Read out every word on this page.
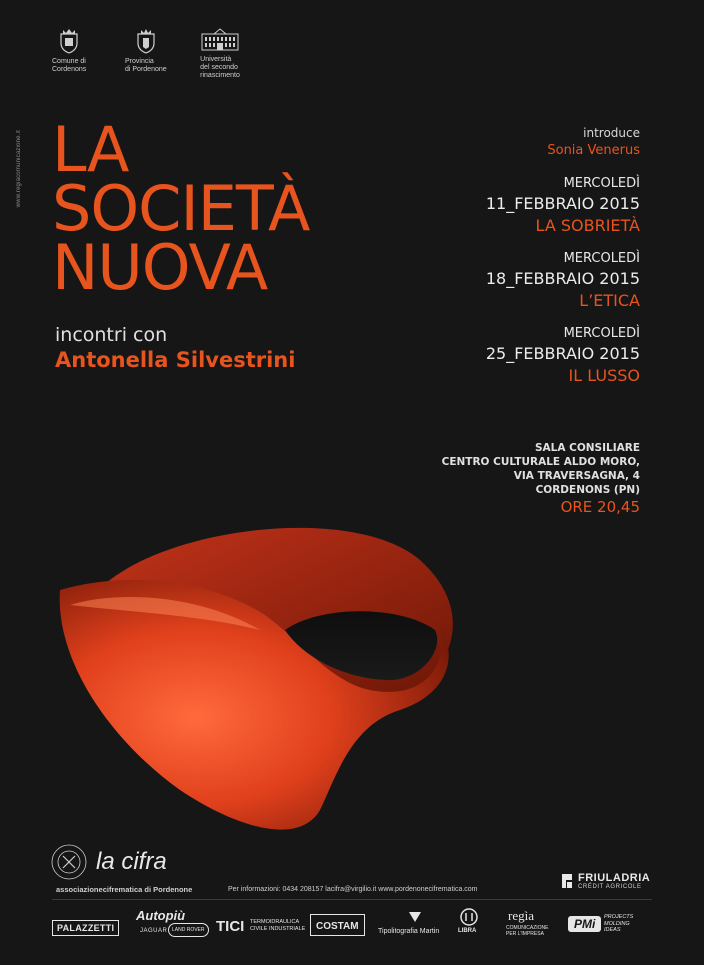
Comune di
Cordenons
Provincia
di Pordenone
Università
del secondo
rinascimento
www.regiacomunicazione.it LA
SOCIETÀ
NUOVA
incontri con
Antonella Silvestrini
introduce
Sonia Venerus
MERCOLEDÌ
11_FEBBRAIO 2015
LA SOBRIETÀ
MERCOLEDÌ
18_FEBBRAIO 2015
L’ETICA
MERCOLEDÌ
25_FEBBRAIO 2015
IL LUSSO
SALA CONSILIARE
CENTRO CULTURALE ALDO MORO,
VIA TRAVERSAGNA, 4
CORDENONS (PN)
ORE 20,45
la cifra
associazionecifrematica di Pordenone	Per informazioni: 0434 208157 lacifra@virgilio.it www.pordenonecifrematica.com
FRIULADRIA
CRÉDIT AGRICOLE
PALAZZETTI
Autopiù
JAGUAR LAND ROVER TICI TERMOIDRAULICA
CIVILE INDUSTRIALE	COSTAM	Tipolitografia Martin	LIBRA
regìa
COMUNICAZIONE
PER L'IMPRESA
PMi	PROJECTS
MOLDING
IDEAS
